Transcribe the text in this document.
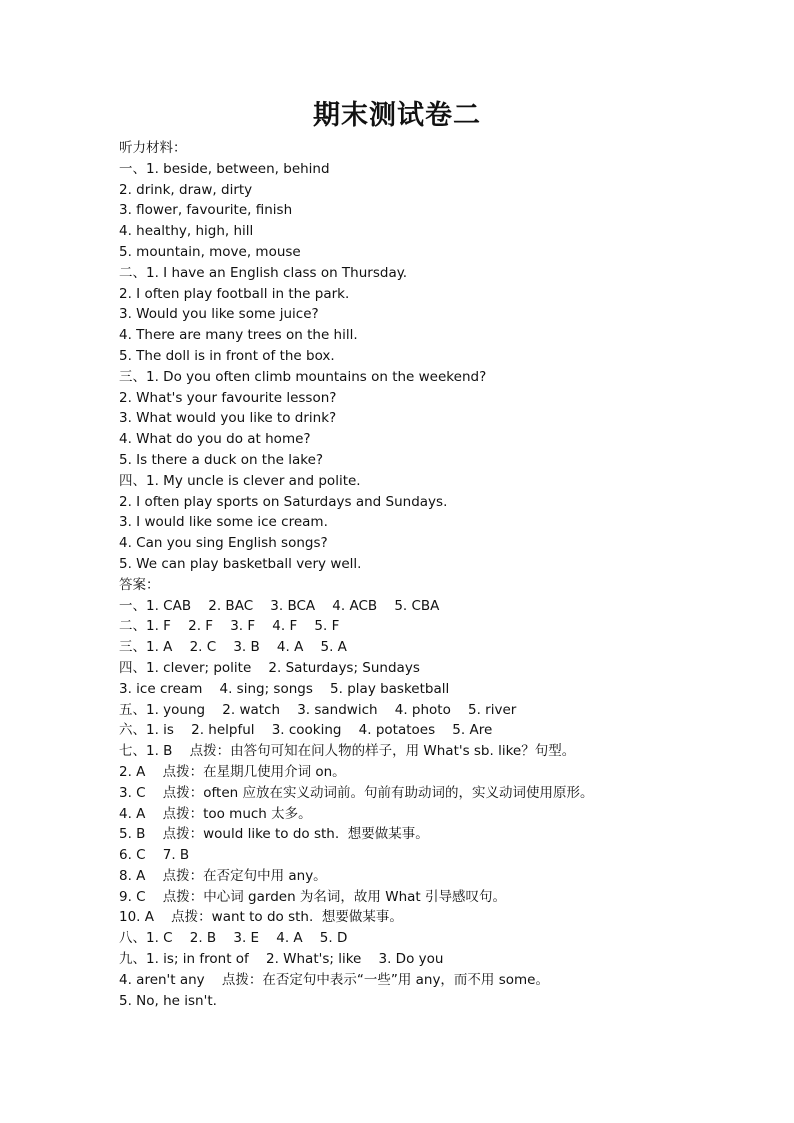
期末测试卷二
听力材料：
一、1. beside, between, behind
2. drink, draw, dirty
3. flower, favourite, finish
4. healthy, high, hill
5. mountain, move, mouse
二、1. I have an English class on Thursday.
2. I often play football in the park.
3. Would you like some juice?
4. There are many trees on the hill.
5. The doll is in front of the box.
三、1. Do you often climb mountains on the weekend?
2. What's your favourite lesson?
3. What would you like to drink?
4. What do you do at home?
5. Is there a duck on the lake?
四、1. My uncle is clever and polite.
2. I often play sports on Saturdays and Sundays.
3. I would like some ice cream.
4. Can you sing English songs?
5. We can play basketball very well.
答案：
一、1. CAB    2. BAC    3. BCA    4. ACB    5. CBA
二、1. F    2. F    3. F    4. F    5. F
三、1. A    2. C    3. B    4. A    5. A
四、1. clever; polite    2. Saturdays; Sundays
3. ice cream    4. sing; songs    5. play basketball
五、1. young    2. watch    3. sandwich    4. photo    5. river
六、1. is    2. helpful    3. cooking    4. potatoes    5. Are
七、1. B    点拨：由答句可知在问人物的样子，用 What's sb. like？句型。
2. A    点拨：在星期几使用介词 on。
3. C    点拨：often 应放在实义动词前。句前有助动词的，实义动词使用原形。
4. A    点拨：too much 太多。
5. B    点拨：would like to do sth.  想要做某事。
6. C    7. B
8. A    点拨：在否定句中用 any。
9. C    点拨：中心词 garden 为名词，故用 What 引导感叹句。
10. A    点拨：want to do sth.  想要做某事。
八、1. C    2. B    3. E    4. A    5. D
九、1. is; in front of    2. What's; like    3. Do you
4. aren't any    点拨：在否定句中表示“一些”用 any，而不用 some。
5. No, he isn't.
